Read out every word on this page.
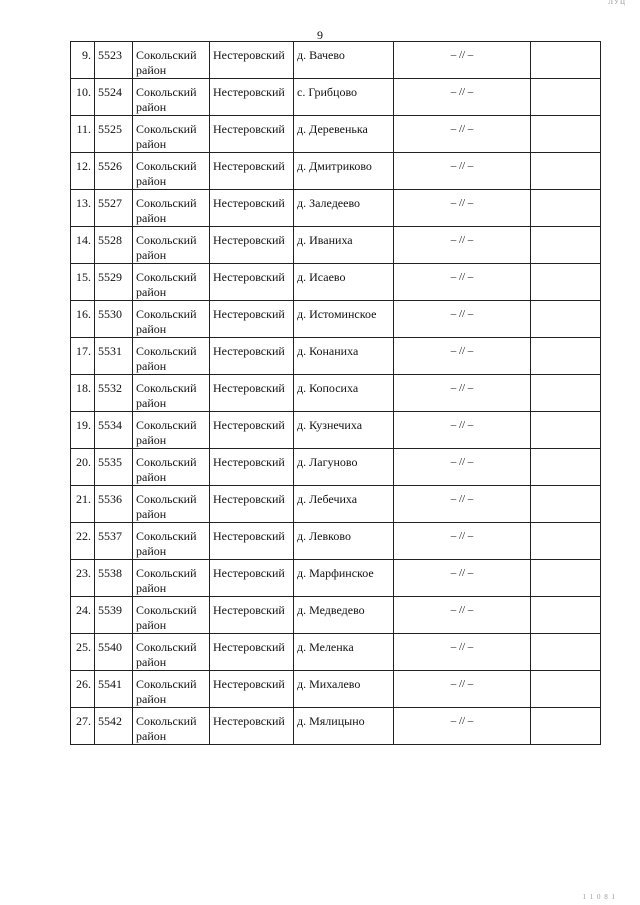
ЛУЦ
9
9.	5523	Сокольский район	Нестеровский	д. Вачево	– // –	
10.	5524	Сокольский район	Нестеровский	с. Грибцово	– // –	
11.	5525	Сокольский район	Нестеровский	д. Деревенька	– // –	
12.	5526	Сокольский район	Нестеровский	д. Дмитриково	– // –	
13.	5527	Сокольский район	Нестеровский	д. Заледеево	– // –	
14.	5528	Сокольский район	Нестеровский	д. Иваниха	– // –	
15.	5529	Сокольский район	Нестеровский	д. Исаево	– // –	
16.	5530	Сокольский район	Нестеровский	д. Истоминское	– // –	
17.	5531	Сокольский район	Нестеровский	д. Конаниха	– // –	
18.	5532	Сокольский район	Нестеровский	д. Копосиха	– // –	
19.	5534	Сокольский район	Нестеровский	д. Кузнечиха	– // –	
20.	5535	Сокольский район	Нестеровский	д. Лагуново	– // –	
21.	5536	Сокольский район	Нестеровский	д. Лебечиха	– // –	
22.	5537	Сокольский район	Нестеровский	д. Левково	– // –	
23.	5538	Сокольский район	Нестеровский	д. Марфинское	– // –	
24.	5539	Сокольский район	Нестеровский	д. Медведево	– // –	
25.	5540	Сокольский район	Нестеровский	д. Меленка	– // –	
26.	5541	Сокольский район	Нестеровский	д. Михалево	– // –	
27.	5542	Сокольский район	Нестеровский	д. Мялицыно	– // –	
1 1 0 8 1
